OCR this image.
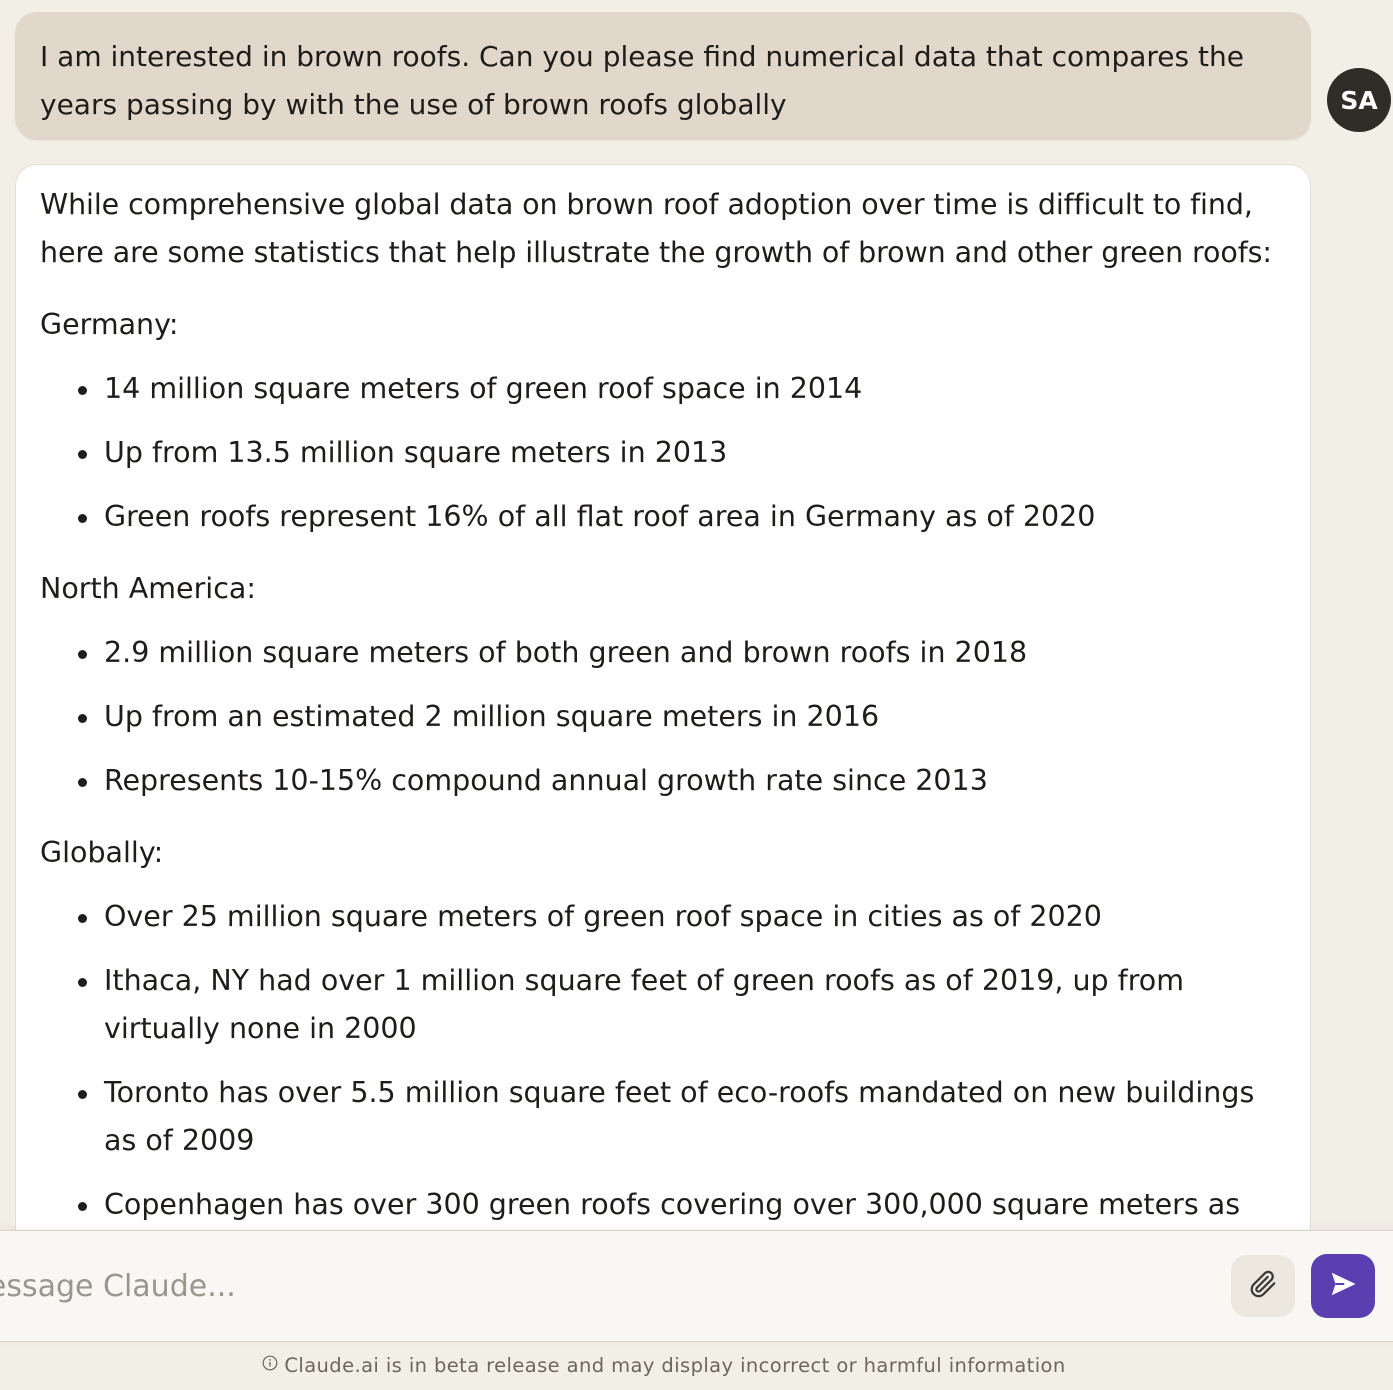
I am interested in brown roofs. Can you please find numerical data that compares the years passing by with the use of brown roofs globally	SA

While comprehensive global data on brown roof adoption over time is difficult to find, here are some statistics that help illustrate the growth of brown and other green roofs:

Germany:
14 million square meters of green roof space in 2014
Up from 13.5 million square meters in 2013
Green roofs represent 16% of all flat roof area in Germany as of 2020
North America:
2.9 million square meters of both green and brown roofs in 2018
Up from an estimated 2 million square meters in 2016
Represents 10-15% compound annual growth rate since 2013
Globally:
Over 25 million square meters of green roof space in cities as of 2020
Ithaca, NY had over 1 million square feet of green roofs as of 2019, up from virtually none in 2000
Toronto has over 5.5 million square feet of eco-roofs mandated on new buildings as of 2009
Copenhagen has over 300 green roofs covering over 300,000 square meters as
Message Claude...
Claude.ai is in beta release and may display incorrect or harmful information
